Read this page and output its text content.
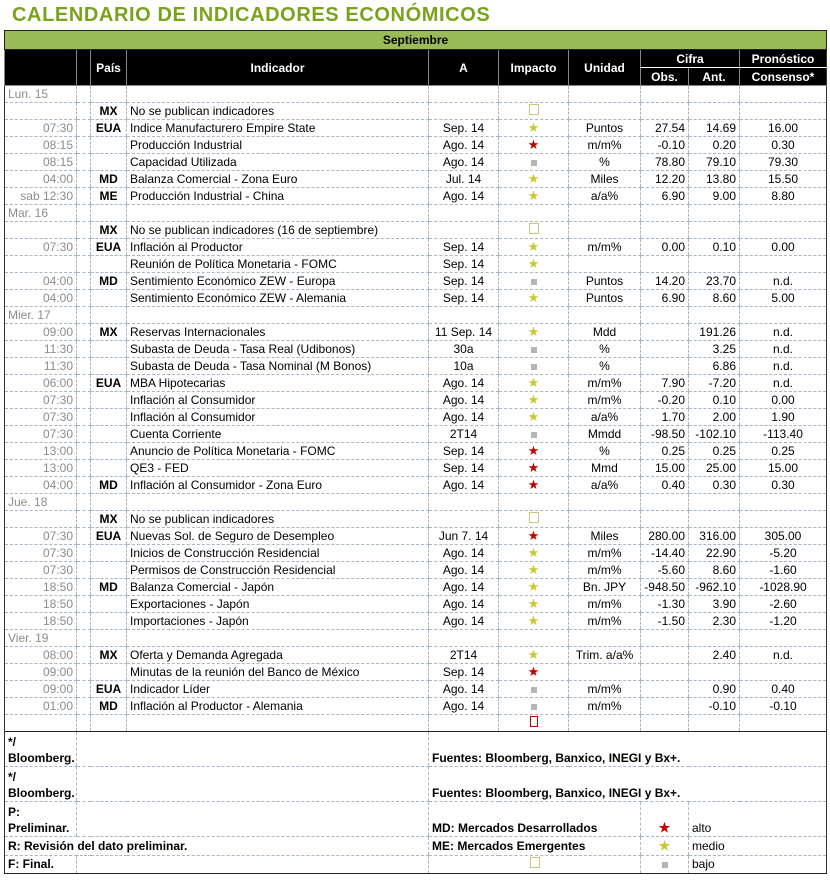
CALENDARIO DE INDICADORES ECONÓMICOS
Septiembre									
		País	Indicador	A	Impacto	Unidad	Cifra		Pronóstico
							Obs.	Ant.	Consenso*
Lun. 15									
		MX	No se publican indicadores						
07:30		EUA	Indice Manufacturero Empire State	Sep. 14	★	Puntos	27.54	14.69	16.00
08:15			Producción Industrial	Ago. 14	★	m/m%	-0.10	0.20	0.30
08:15			Capacidad Utilizada	Ago. 14		%	78.80	79.10	79.30
04:00		MD	Balanza Comercial - Zona Euro	Jul. 14	★	Miles	12.20	13.80	15.50
sab 12:30		ME	Producción Industrial - China	Ago. 14	★	a/a%	6.90	9.00	8.80
Mar. 16									
		MX	No se publican indicadores (16 de septiembre)						
07:30		EUA	Inflación al Productor	Sep. 14	★	m/m%	0.00	0.10	0.00
			Reunión de Política Monetaria - FOMC	Sep. 14	★				
04:00		MD	Sentimiento Económico ZEW - Europa	Sep. 14		Puntos	14.20	23.70	n.d.
04:00			Sentimiento Económico ZEW - Alemania	Sep. 14	★	Puntos	6.90	8.60	5.00
Mier. 17									
09:00		MX	Reservas Internacionales	11 Sep. 14	★	Mdd		191.26	n.d.
11:30			Subasta de Deuda - Tasa Real (Udibonos)	30a		%		3.25	n.d.
11:30			Subasta de Deuda - Tasa Nominal (M Bonos)	10a		%		6.86	n.d.
06:00		EUA	MBA Hipotecarias	Ago. 14	★	m/m%	7.90	-7.20	n.d.
07:30			Inflación al Consumidor	Ago. 14	★	m/m%	-0.20	0.10	0.00
07:30			Inflación al Consumidor	Ago. 14	★	a/a%	1.70	2.00	1.90
07:30			Cuenta Corriente	2T14		Mmdd	-98.50	-102.10	-113.40
13:00			Anuncio de Política Monetaria - FOMC	Sep. 14	★	%	0.25	0.25	0.25
13:00			QE3 - FED	Sep. 14	★	Mmd	15.00	25.00	15.00
04:00		MD	Inflación al Consumidor - Zona Euro	Ago. 14	★	a/a%	0.40	0.30	0.30
Jue. 18									
		MX	No se publican indicadores						
07:30		EUA	Nuevas Sol. de Seguro de Desempleo	Jun 7. 14	★	Miles	280.00	316.00	305.00
07:30			Inicios de Construcción Residencial	Ago. 14	★	m/m%	-14.40	22.90	-5.20
07:30			Permisos de Construcción Residencial	Ago. 14	★	m/m%	-5.60	8.60	-1.60
18:50		MD	Balanza Comercial - Japón	Ago. 14	★	Bn. JPY	-948.50	-962.10	-1028.90
18:50			Exportaciones - Japón	Ago. 14	★	m/m%	-1.30	3.90	-2.60
18:50			Importaciones - Japón	Ago. 14	★	m/m%	-1.50	2.30	-1.20
Vier. 19									
08:00		MX	Oferta y Demanda Agregada	2T14	★	Trim. a/a%		2.40	n.d.
09:00			Minutas de la reunión del Banco de México	Sep. 14	★				
09:00		EUA	Indicador Líder	Ago. 14		m/m%		0.90	0.40
01:00		MD	Inflación al Productor - Alemania	Ago. 14		m/m%		-0.10	-0.10

*/ Bloomberg.				Fuentes: Bloomberg, Banxico, INEGI y Bx+.					
*/ Bloomberg.				Fuentes: Bloomberg, Banxico, INEGI y Bx+.					
P: Preliminar.				MD: Mercados Desarrollados			★	alto	
R: Revisión del dato preliminar.				ME: Mercados Emergentes			★	medio	
F: Final.								bajo	
